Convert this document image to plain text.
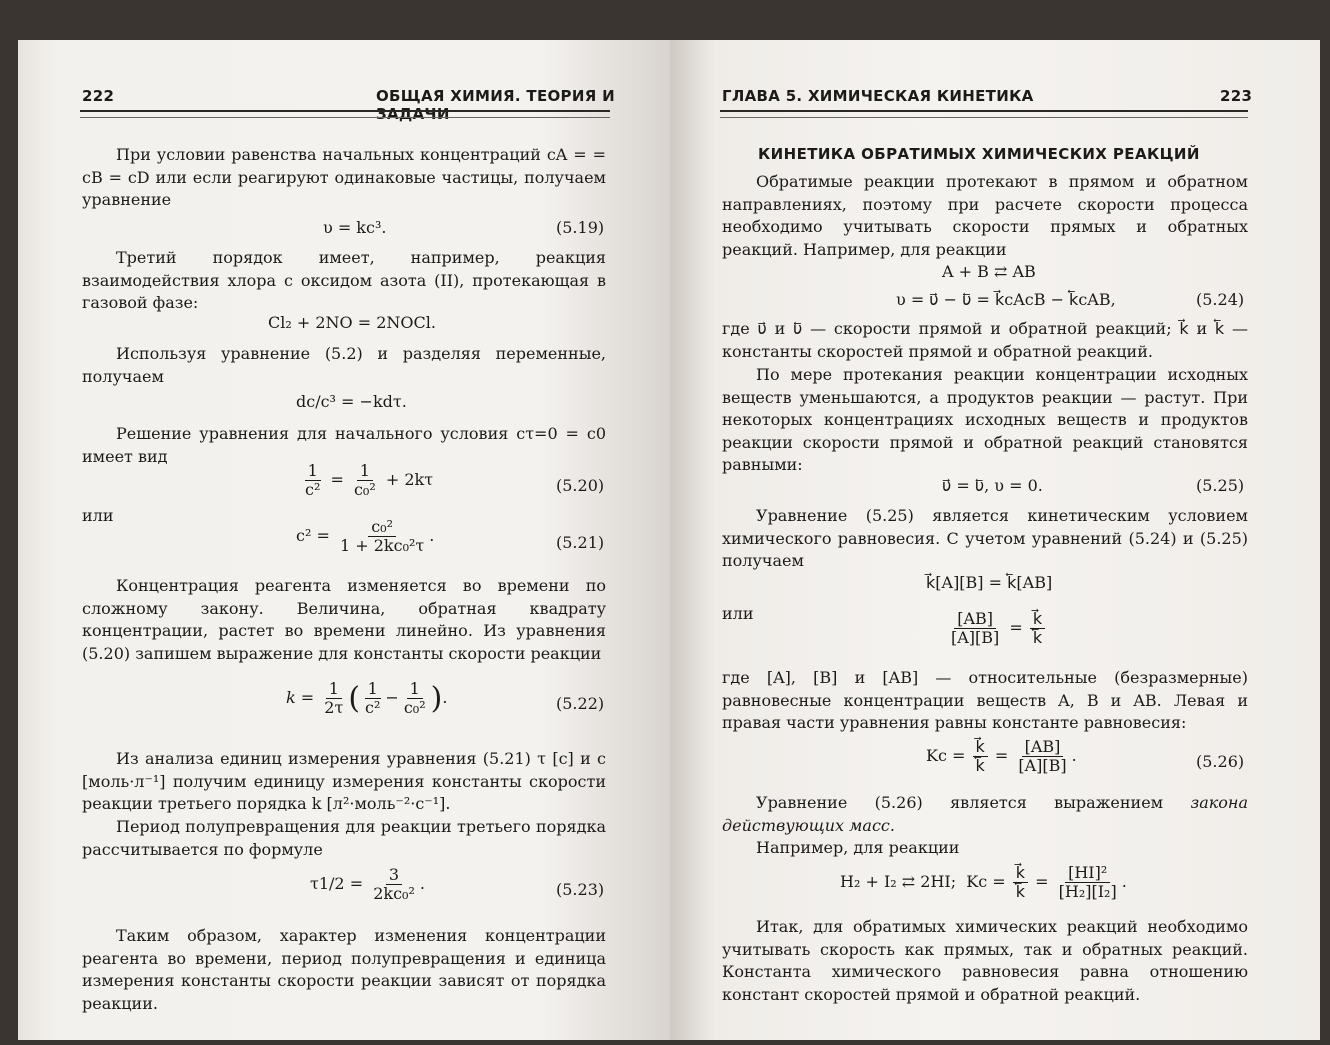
222	ОБЩАЯ ХИМИЯ. ТЕОРИЯ И ЗАДАЧИ

При условии равенства начальных концентраций cA = = cB = cD или если реагируют одинаковые частицы, получаем уравнение

υ = kc³.	(5.19)

Третий порядок имеет, например, реакция взаимодействия хлора с оксидом азота (II), протекающая в газовой фазе:

Cl₂ + 2NO = 2NOCl.

Используя уравнение (5.2) и разделяя переменные, получаем

dc/c³ = −kdτ.

Решение уравнения для начального условия cτ=0 = c0 имеет вид

$\frac{1}{\text{c²}} = \frac{1}{\text{c₀²}} + 2k\tau$	(5.20)
или
$c^2 = \frac{\text{c₀²}}{\text{1 + 2kc₀²τ}}$ .	(5.21)

Концентрация реагента изменяется во времени по сложному закону. Величина, обратная квадрату концентрации, растет во времени линейно. Из уравнения (5.20) запишем выражение для константы скорости реакции

$k = \frac{1}{2\tau}$ ( $\frac{1}{\text{c²}} - \frac{1}{\text{c₀²}}$ ).	(5.22)

Из анализа единиц измерения уравнения (5.21) τ [с] и c [моль·л⁻¹] получим единицу измерения константы скорости реакции третьего порядка k [л²·моль⁻²·с⁻¹].

Период полупревращения для реакции третьего порядка рассчитывается по формуле

$\tau 1/2 = \frac{3}{\text{2kc₀²}}$ .	(5.23)

Таким образом, характер изменения концентрации реагента во времени, период полупревращения и единица измерения константы скорости реакции зависят от порядка реакции.

ГЛАВА 5. ХИМИЧЕСКАЯ КИНЕТИКА	223
КИНЕТИКА ОБРАТИМЫХ ХИМИЧЕСКИХ РЕАКЦИЙ

Обратимые реакции протекают в прямом и обратном направлениях, поэтому при расчете скорости процесса необходимо учитывать скорости прямых и обратных реакций. Например, для реакции

A + B ⇄ AB
υ = υ⃗ − υ⃖ = k⃗cAcB − k⃖cAB,	(5.24)

где υ⃗ и υ⃖ — скорости прямой и обратной реакций; k⃗ и k⃖ — константы скоростей прямой и обратной реакций.

По мере протекания реакции концентрации исходных веществ уменьшаются, а продуктов реакции — растут. При некоторых концентрациях исходных веществ и продуктов реакции скорости прямой и обратной реакций становятся равными:

υ⃗ = υ⃖, υ = 0.	(5.25)

Уравнение (5.25) является кинетическим условием химического равновесия. С учетом уравнений (5.24) и (5.25) получаем

k⃗[A][B] = k⃖[AB]
или	$\frac{[AB]}{[A][B]} = \frac{k⃗}{k⃖}$

где [A], [B] и [AB] — относительные (безразмерные) равновесные концентрации веществ A, B и AB. Левая и правая части уравнения равны константе равновесия:

$Kc = \frac{k⃗}{k⃖} = \frac{[AB]}{[A][B]}$ .	(5.26)

Уравнение (5.26) является выражением закона действующих масс.

Например, для реакции

H₂ + I₂ ⇄ 2HI; $Kc = \frac{k⃗}{k⃖} = \frac{\text{[HI]²}}{\text{[H₂][I₂]}}$ .

Итак, для обратимых химических реакций необходимо учитывать скорость как прямых, так и обратных реакций. Константа химического равновесия равна отношению констант скоростей прямой и обратной реакций.
